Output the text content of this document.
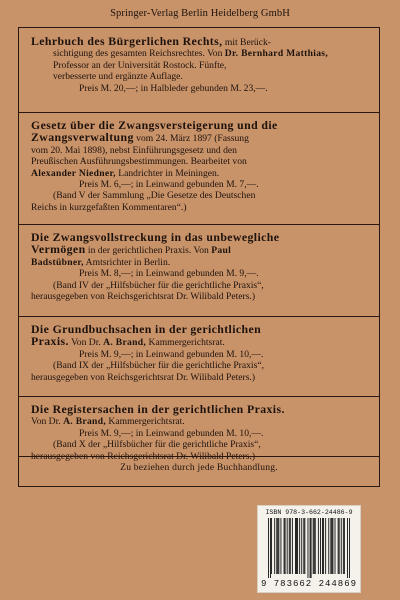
Springer-Verlag Berlin Heidelberg GmbH

Lehrbuch des Bürgerlichen Rechts, mit Berück-

sichtigung des gesamten Reichsrechtes. Von Dr. Bernhard Matthias,

Professor an der Universität Rostock. Fünfte,

verbesserte und ergänzte Auflage.

Preis M. 20,—; in Halbleder gebunden M. 23,—.

Gesetz über die Zwangsversteigerung und die

Zwangsverwaltung vom 24. März 1897 (Fassung

vom 20. Mai 1898), nebst Einführungsgesetz und den

Preußischen Ausführungsbestimmungen. Bearbeitet von

Alexander Niedner, Landrichter in Meiningen.

Preis M. 6,—; in Leinwand gebunden M. 7,—.

(Band V der Sammlung „Die Gesetze des Deutschen

Reichs in kurzgefaßten Kommentaren“.)

Die Zwangsvollstreckung in das unbewegliche

Vermögen in der gerichtlichen Praxis. Von Paul

Badstübner, Amtsrichter in Berlin.

Preis M. 8,—; in Leinwand gebunden M. 9,—.

(Band IV der „Hilfsbücher für die gerichtliche Praxis“,

herausgegeben von Reichsgerichtsrat Dr. Wilibald Peters.)

Die Grundbuchsachen in der gerichtlichen

Praxis. Von Dr. A. Brand, Kammergerichtsrat.

Preis M. 9,—; in Leinwand gebunden M. 10,—.

(Band IX der „Hilfsbücher für die gerichtliche Praxis“,

herausgegeben von Reichsgerichtsrat Dr. Wilibald Peters.)

Die Registersachen in der gerichtlichen Praxis.

Von Dr. A. Brand, Kammergerichtsrat.

Preis M. 9,—; in Leinwand gebunden M. 10,—.

(Band X der „Hilfsbücher für die gerichtliche Praxis“,

herausgegeben von Reichsgerichtsrat Dr. Wilibald Peters.)

Zu beziehen durch jede Buchhandlung.
ISBN 978-3-662-24486-9
9 783662 244869
